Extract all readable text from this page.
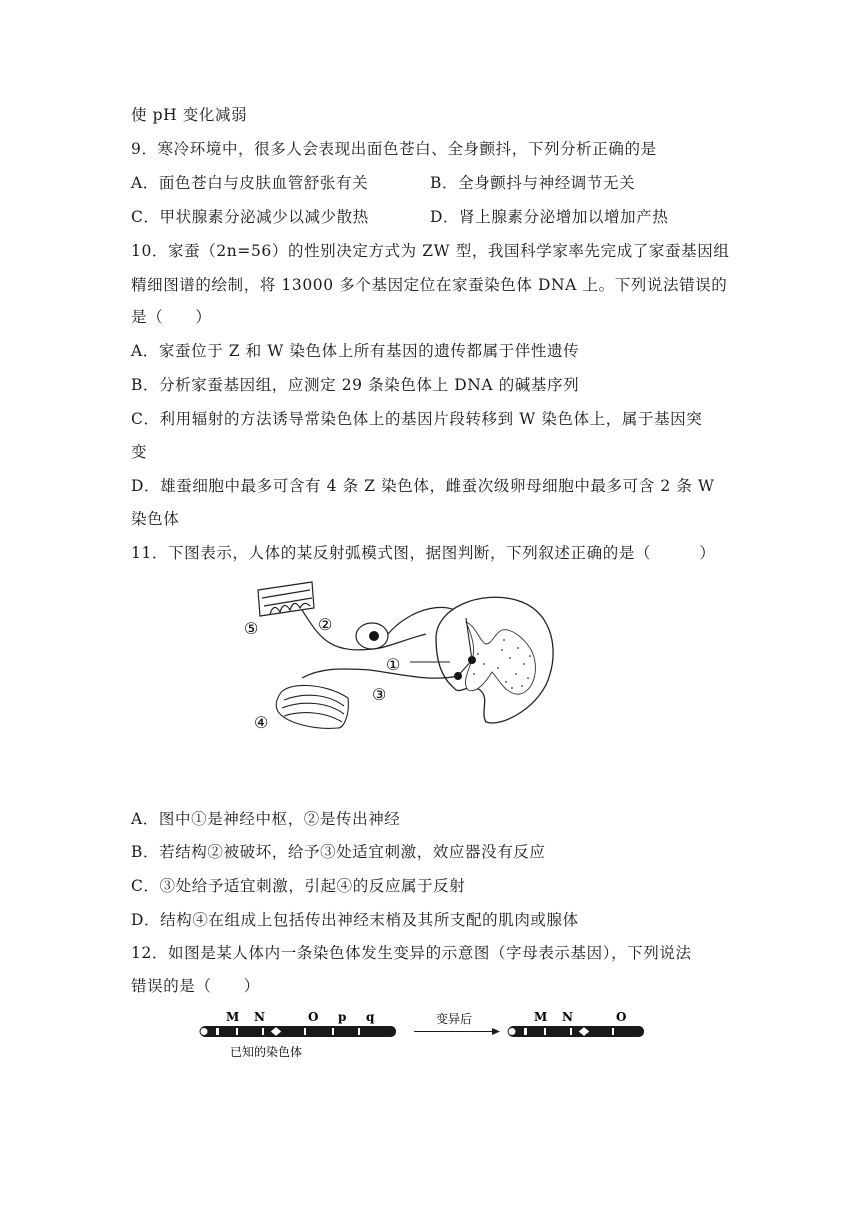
使 pH 变化减弱
9．寒冷环境中，很多人会表现出面色苍白、全身颤抖，下列分析正确的是
A．面色苍白与皮肤血管舒张有关	B．全身颤抖与神经调节无关
C．甲状腺素分泌减少以减少散热	D．肾上腺素分泌增加以增加产热
10．家蚕（2n=56）的性别决定方式为 ZW 型，我国科学家率先完成了家蚕基因组
精细图谱的绘制，将 13000 多个基因定位在家蚕染色体 DNA 上。下列说法错误的
是（　　）
A．家蚕位于 Z 和 W 染色体上所有基因的遗传都属于伴性遗传
B．分析家蚕基因组，应测定 29 条染色体上 DNA 的碱基序列
C．利用辐射的方法诱导常染色体上的基因片段转移到 W 染色体上，属于基因突
变
D．雄蚕细胞中最多可含有 4 条 Z 染色体，雌蚕次级卵母细胞中最多可含 2 条 W
染色体
11．下图表示，人体的某反射弧模式图，据图判断，下列叙述正确的是（　　　）
⑤	②
①
③
④
A．图中①是神经中枢，②是传出神经
B．若结构②被破坏，给予③处适宜刺激，效应器没有反应
C．③处给予适宜刺激，引起④的反应属于反射
D．结构④在组成上包括传出神经末梢及其所支配的肌肉或腺体
12．如图是某人体内一条染色体发生变异的示意图（字母表示基因），下列说法
错误的是（　　）
M N	O p q
已知的染色体
变异后	M N	O
